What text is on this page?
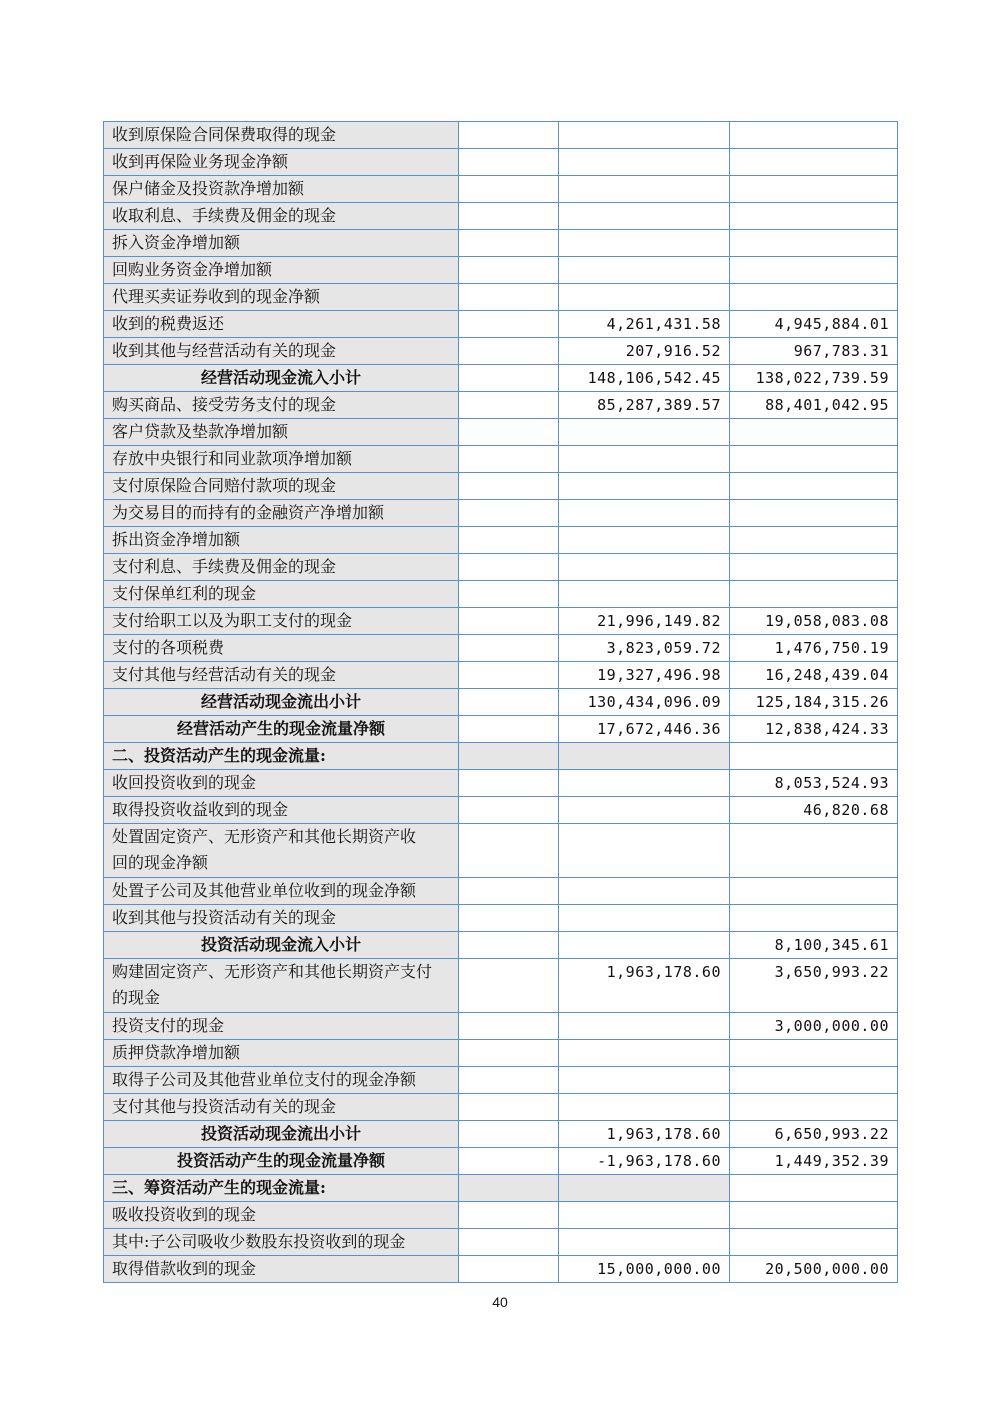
收到原保险合同保费取得的现金			
收到再保险业务现金净额			
保户储金及投资款净增加额			
收取利息、手续费及佣金的现金			
拆入资金净增加额			
回购业务资金净增加额			
代理买卖证券收到的现金净额			
收到的税费返还		4,261,431.58	4,945,884.01
收到其他与经营活动有关的现金		207,916.52	967,783.31
经营活动现金流入小计		148,106,542.45	138,022,739.59
购买商品、接受劳务支付的现金		85,287,389.57	88,401,042.95
客户贷款及垫款净增加额			
存放中央银行和同业款项净增加额			
支付原保险合同赔付款项的现金			
为交易目的而持有的金融资产净增加额			
拆出资金净增加额			
支付利息、手续费及佣金的现金			
支付保单红利的现金			
支付给职工以及为职工支付的现金		21,996,149.82	19,058,083.08
支付的各项税费		3,823,059.72	1,476,750.19
支付其他与经营活动有关的现金		19,327,496.98	16,248,439.04
经营活动现金流出小计		130,434,096.09	125,184,315.26
经营活动产生的现金流量净额		17,672,446.36	12,838,424.33
二、投资活动产生的现金流量:			
收回投资收到的现金			8,053,524.93
取得投资收益收到的现金			46,820.68
处置固定资产、无形资产和其他长期资产收
回的现金净额			
处置子公司及其他营业单位收到的现金净额			
收到其他与投资活动有关的现金			
投资活动现金流入小计			8,100,345.61
购建固定资产、无形资产和其他长期资产支付
的现金		1,963,178.60	3,650,993.22
投资支付的现金			3,000,000.00
质押贷款净增加额			
取得子公司及其他营业单位支付的现金净额			
支付其他与投资活动有关的现金			
投资活动现金流出小计		1,963,178.60	6,650,993.22
投资活动产生的现金流量净额		-1,963,178.60	1,449,352.39
三、筹资活动产生的现金流量:			
吸收投资收到的现金			
其中:子公司吸收少数股东投资收到的现金			
取得借款收到的现金		15,000,000.00	20,500,000.00
40
